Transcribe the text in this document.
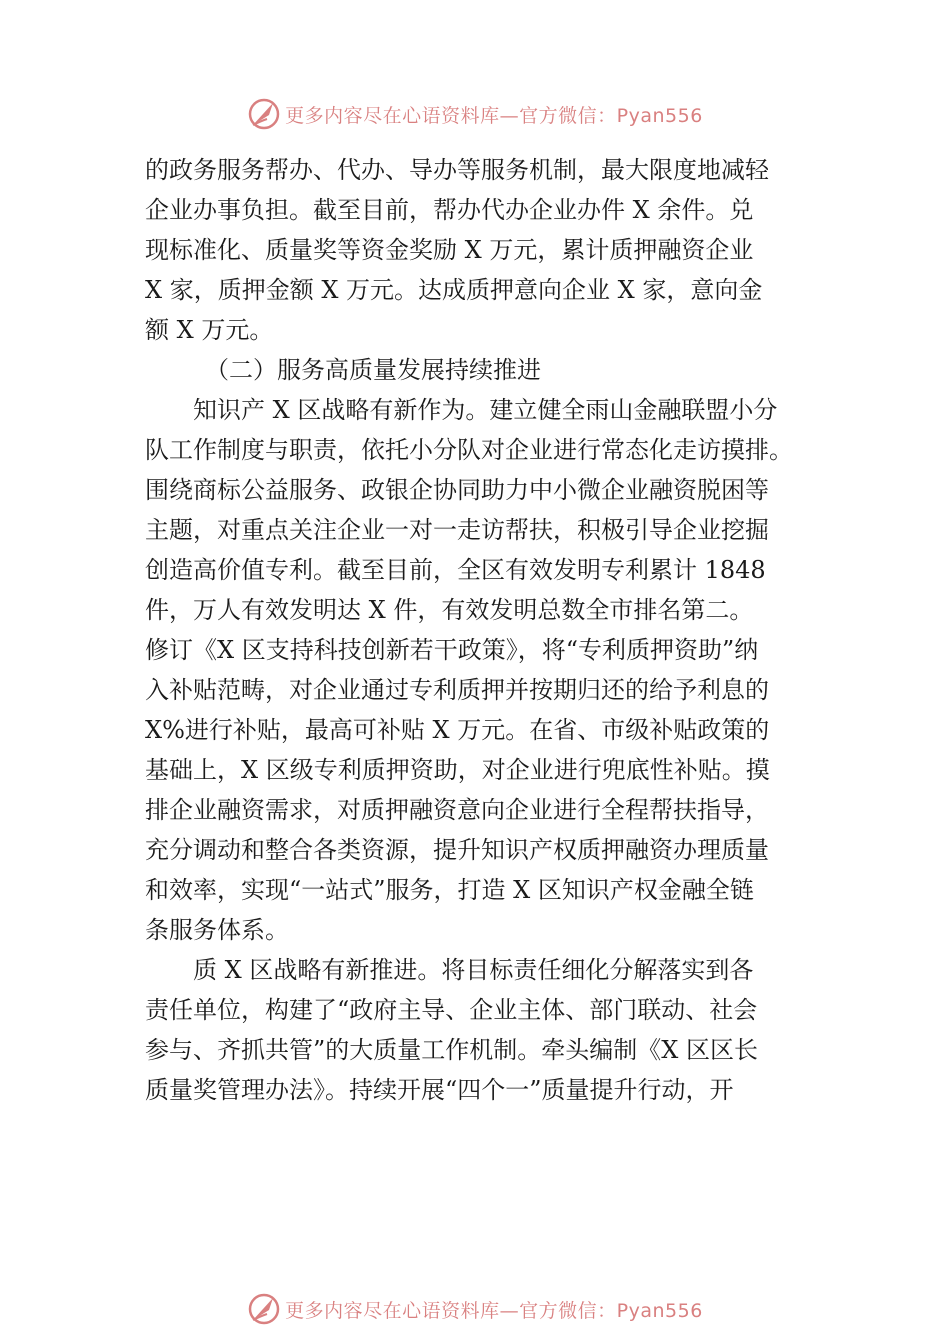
更多内容尽在心语资料库—官方微信：Pyan556
的政务服务帮办、代办、导办等服务机制，最大限度地减轻
企业办事负担。截至目前，帮办代办企业办件 X 余件。兑
现标准化、质量奖等资金奖励 X 万元，累计质押融资企业
X 家，质押金额 X 万元。达成质押意向企业 X 家，意向金
额 X 万元。
（二）服务高质量发展持续推进
知识产 X 区战略有新作为。建立健全雨山金融联盟小分
队工作制度与职责，依托小分队对企业进行常态化走访摸排。
围绕商标公益服务、政银企协同助力中小微企业融资脱困等
主题，对重点关注企业一对一走访帮扶，积极引导企业挖掘
创造高价值专利。截至目前，全区有效发明专利累计 1848
件，万人有效发明达 X 件，有效发明总数全市排名第二。
修订《X 区支持科技创新若干政策》，将“专利质押资助”纳
入补贴范畴，对企业通过专利质押并按期归还的给予利息的
X%进行补贴，最高可补贴 X 万元。在省、市级补贴政策的
基础上，X 区级专利质押资助，对企业进行兜底性补贴。摸
排企业融资需求，对质押融资意向企业进行全程帮扶指导，
充分调动和整合各类资源，提升知识产权质押融资办理质量
和效率，实现“一站式”服务，打造 X 区知识产权金融全链
条服务体系。
质 X 区战略有新推进。将目标责任细化分解落实到各
责任单位，构建了“政府主导、企业主体、部门联动、社会
参与、齐抓共管”的大质量工作机制。牵头编制《X 区区长
质量奖管理办法》。持续开展“四个一”质量提升行动，开
更多内容尽在心语资料库—官方微信：Pyan556
